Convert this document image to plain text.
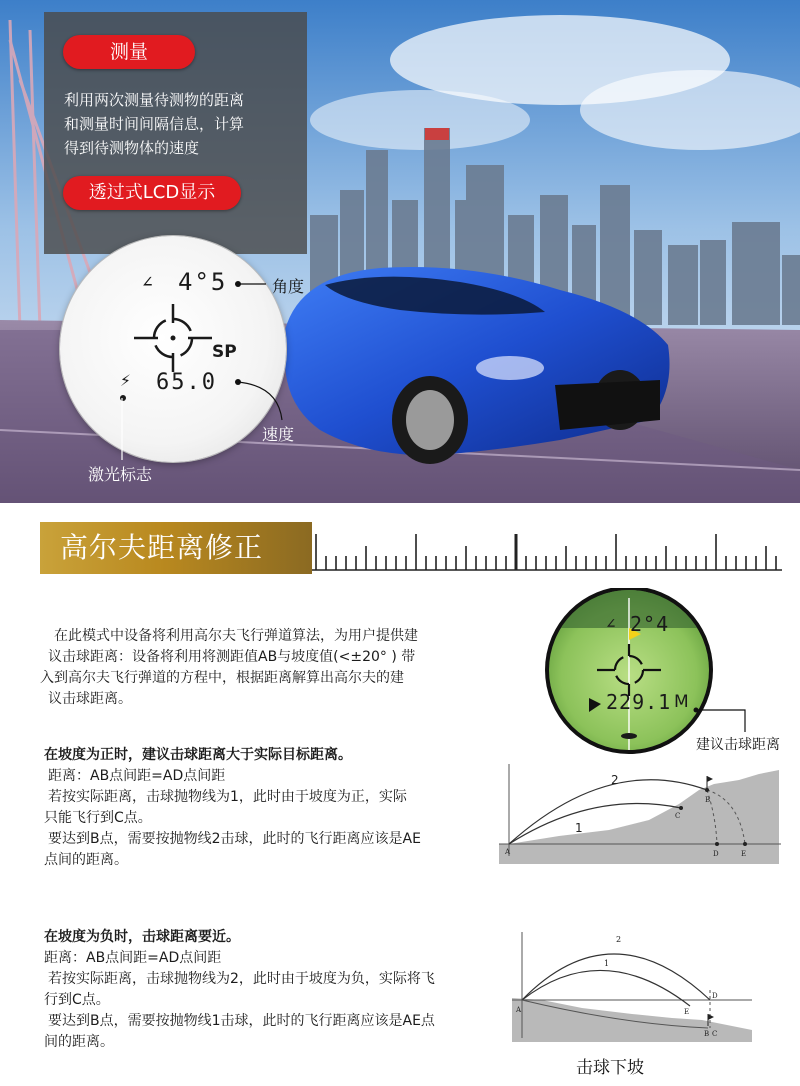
测量
利用两次测量待测物的距离
和测量时间间隔信息，计算
得到待测物体的速度
透过式LCD显示
∠ 4°5
SP
⚡ 65.0
角度
速度
激光标志
高尔夫距离修正
在此模式中设备将利用高尔夫飞行弹道算法，为用户提供建
议击球距离：设备将利用将测距值AB与坡度值(<±20° ) 带
入到高尔夫飞行弹道的方程中，根据距离解算出高尔夫的建
议击球距离。
∠ 2°4
229.1 M
建议击球距离
在坡度为正时，建议击球距离大于实际目标距离。
距离：AB点间距=AD点间距
若按实际距离，击球抛物线为1，此时由于坡度为正，实际
只能飞行到C点。
要达到B点，需要按抛物线2击球，此时的飞行距离应该是AE
点间的距离。
2
1
A
B
C
D	E
在坡度为负时，击球距离要近。
距离：AB点间距=AD点间距
若按实际距离，击球抛物线为2，此时由于坡度为负，实际将飞
行到C点。
要达到B点，需要按抛物线1击球，此时的飞行距离应该是AE点
间的距离。
2
1
A
B C
D
E
击球下坡
